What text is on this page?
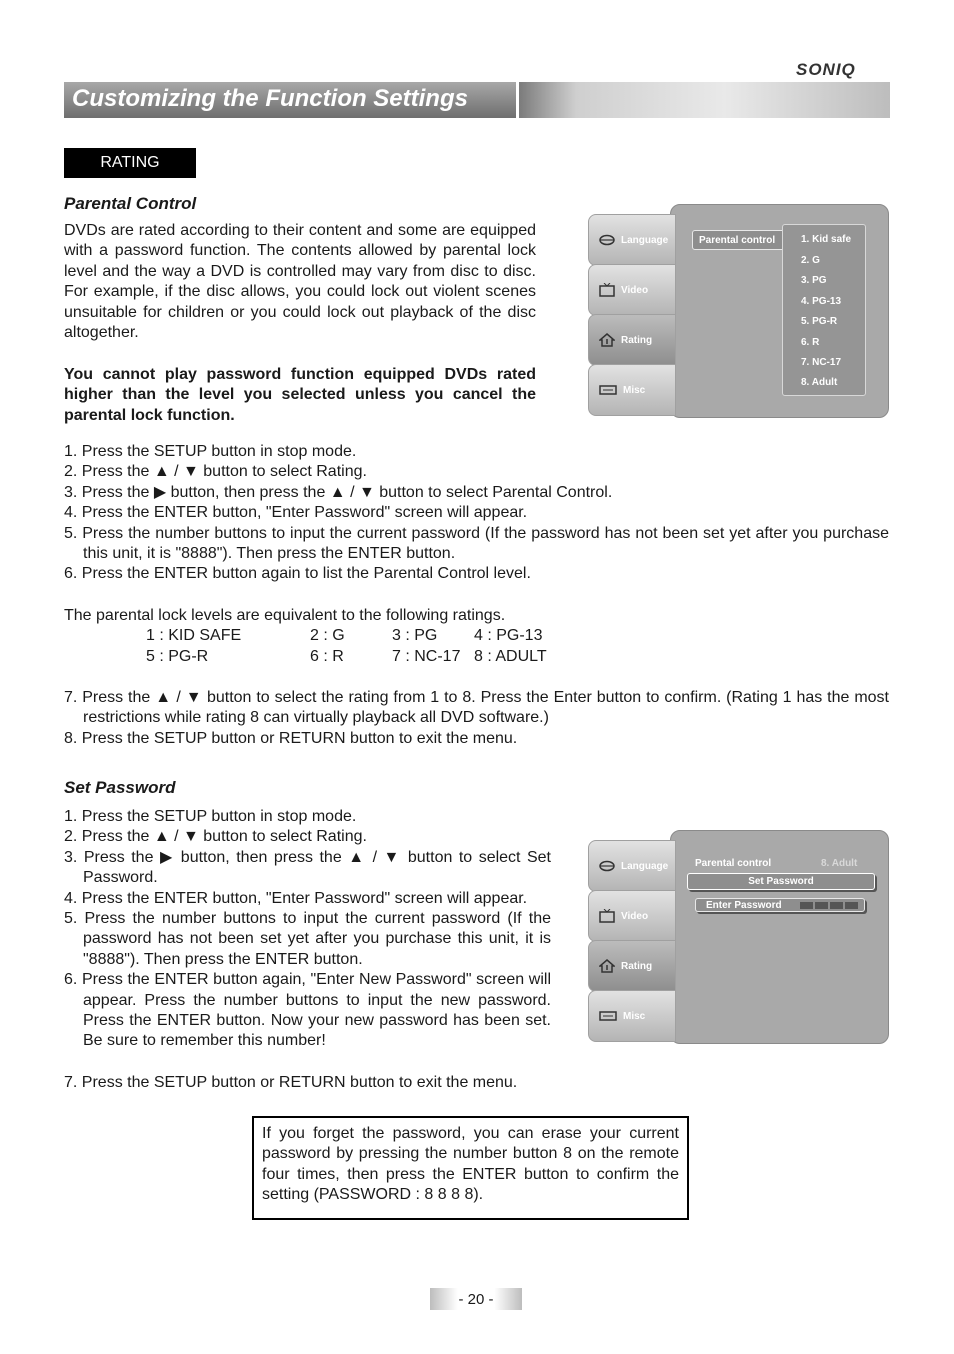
SONIQ
Customizing the Function Settings
RATING
Parental Control
DVDs are rated according to their content and some are equipped with a password function. The contents allowed by parental lock level and the way a DVD is controlled may vary from disc to disc. For example, if the disc allows, you could lock out violent scenes unsuitable for children or you could lock out playback of the disc altogether.
You cannot play password function equipped DVDs rated higher than the level you selected unless you cancel the parental lock function.
1. Press the SETUP button in stop mode.
2. Press the ▲ / ▼ button to select Rating.
3. Press the ▶ button, then press the ▲ / ▼ button to select Parental Control.
4. Press the ENTER button, "Enter Password" screen will appear.
5. Press the number buttons to input the current password (If the password has not been set yet after you purchase this unit, it is "8888"). Then press the ENTER button.
6. Press the ENTER button again to list the Parental Control level.
The parental lock levels are equivalent to the following ratings.
1 : KID SAFE	2 : G	3 : PG	4 : PG-13
5 : PG-R	6 : R	7 : NC-17	8 : ADULT
7. Press the ▲ / ▼ button to select the rating from 1 to 8. Press the Enter button to confirm. (Rating 1 has the most restrictions while rating 8 can virtually playback all DVD software.)
8. Press the SETUP button or RETURN button to exit the menu.
Language
Video
Rating
Misc
Parental control	1. Kid safe
2. G
3. PG
4. PG-13
5. PG-R
6. R
7. NC-17
8. Adult
Set Password
1. Press the SETUP button in stop mode.
2. Press the ▲ / ▼ button to select Rating.
3. Press the ▶ button, then press the ▲ / ▼ button to select Set Password.
4. Press the ENTER button, "Enter Password" screen will appear.
5. Press the number buttons to input the current password (If the password has not been set yet after you purchase this unit, it is "8888"). Then press the ENTER button.
6. Press the ENTER button again, "Enter New Password" screen will appear. Press the number buttons to input the new password. Press the ENTER button. Now your new password has been set. Be sure to remember this number!
7. Press the SETUP button or RETURN button to exit the menu.
Language
Video
Rating
Misc
Parental control	8. Adult
Set Password
Enter Password
If you forget the password, you can erase your current password by pressing the number button 8 on the remote four times, then press the ENTER button to confirm the setting (PASSWORD : 8 8 8 8).
- 20 -
